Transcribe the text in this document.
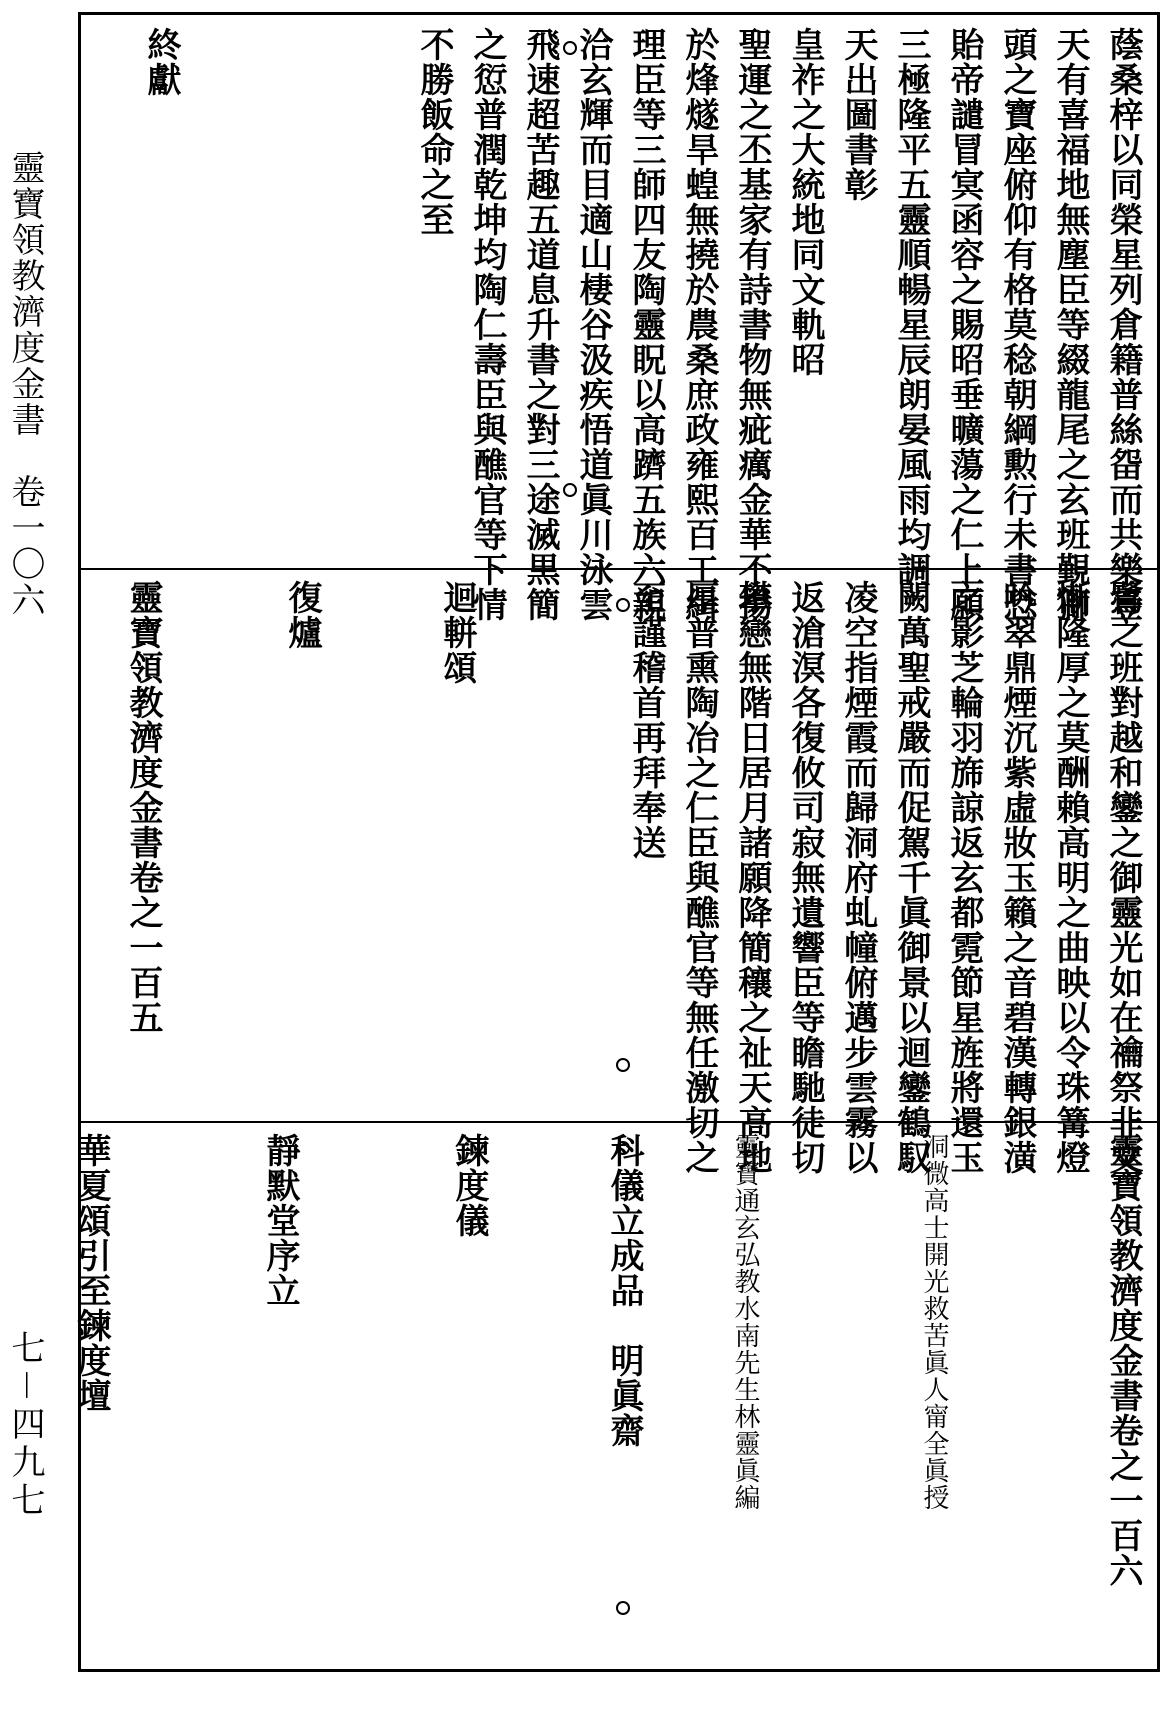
靈寶領教濟度金書　卷一〇六
七－四九七
蔭桑梓以同榮星列倉籍普絲㽜而共樂壹
天有喜福地無塵臣等綴龍尾之玄班覲獅
頭之寶座俯仰有格莫稔朝綱勲行未書恐
貽帝譴冒㝠函容之賜昭垂曠蕩之仁上願
三極隆平五靈順暢星辰朗晏風雨均調
天出圖書彰
皇祚之大統地同文軌昭
聖運之丕基家有詩書物無疵癘金華不揚
於烽燧旱蝗無撓於農桑庶政雍熙百工緝
理臣等三師四友陶靈眖以高躋五族六親
洽玄輝而目適山棲谷汲疾悟道眞川泳雲
飛速超苦趣五道息升書之對三途滅黒簡
之愆普潤乾坤均陶仁壽臣與醮官等下情
不勝飯命之至
終獻
鷺之班對越和鑾之御靈光如在禴祭非文
慚隆厚之莫酬賴高明之曲映以令珠篝燈
吟翠鼎煙沉紫虛妝玉籟之音碧漢轉銀潢
之影芝輪羽旆諒返玄都霓節星旌將還玉
闕萬聖戒嚴而促駕千眞御景以迴鑾鶴馭
凌空指煙霞而歸洞府虬幢俯邁步雲霧以
返滄溟各復攸司寂無遺響臣等瞻馳徒切
攀戀無階日居月諸願降簡穰之祉天高地
厚普熏陶冶之仁臣與醮官等無任激切之
至謹稽首再拜奉送
迴軿頌
復爐
靈寶領教濟度金書卷之一百五
靈寶領教濟度金書卷之一百六
洞微高士開光救苦眞人甯全眞授
靈寶通玄弘教水南先生林靈眞編
科儀立成品　明眞齋
鍊度儀
靜默堂序立
華夏頌引至鍊度壇
